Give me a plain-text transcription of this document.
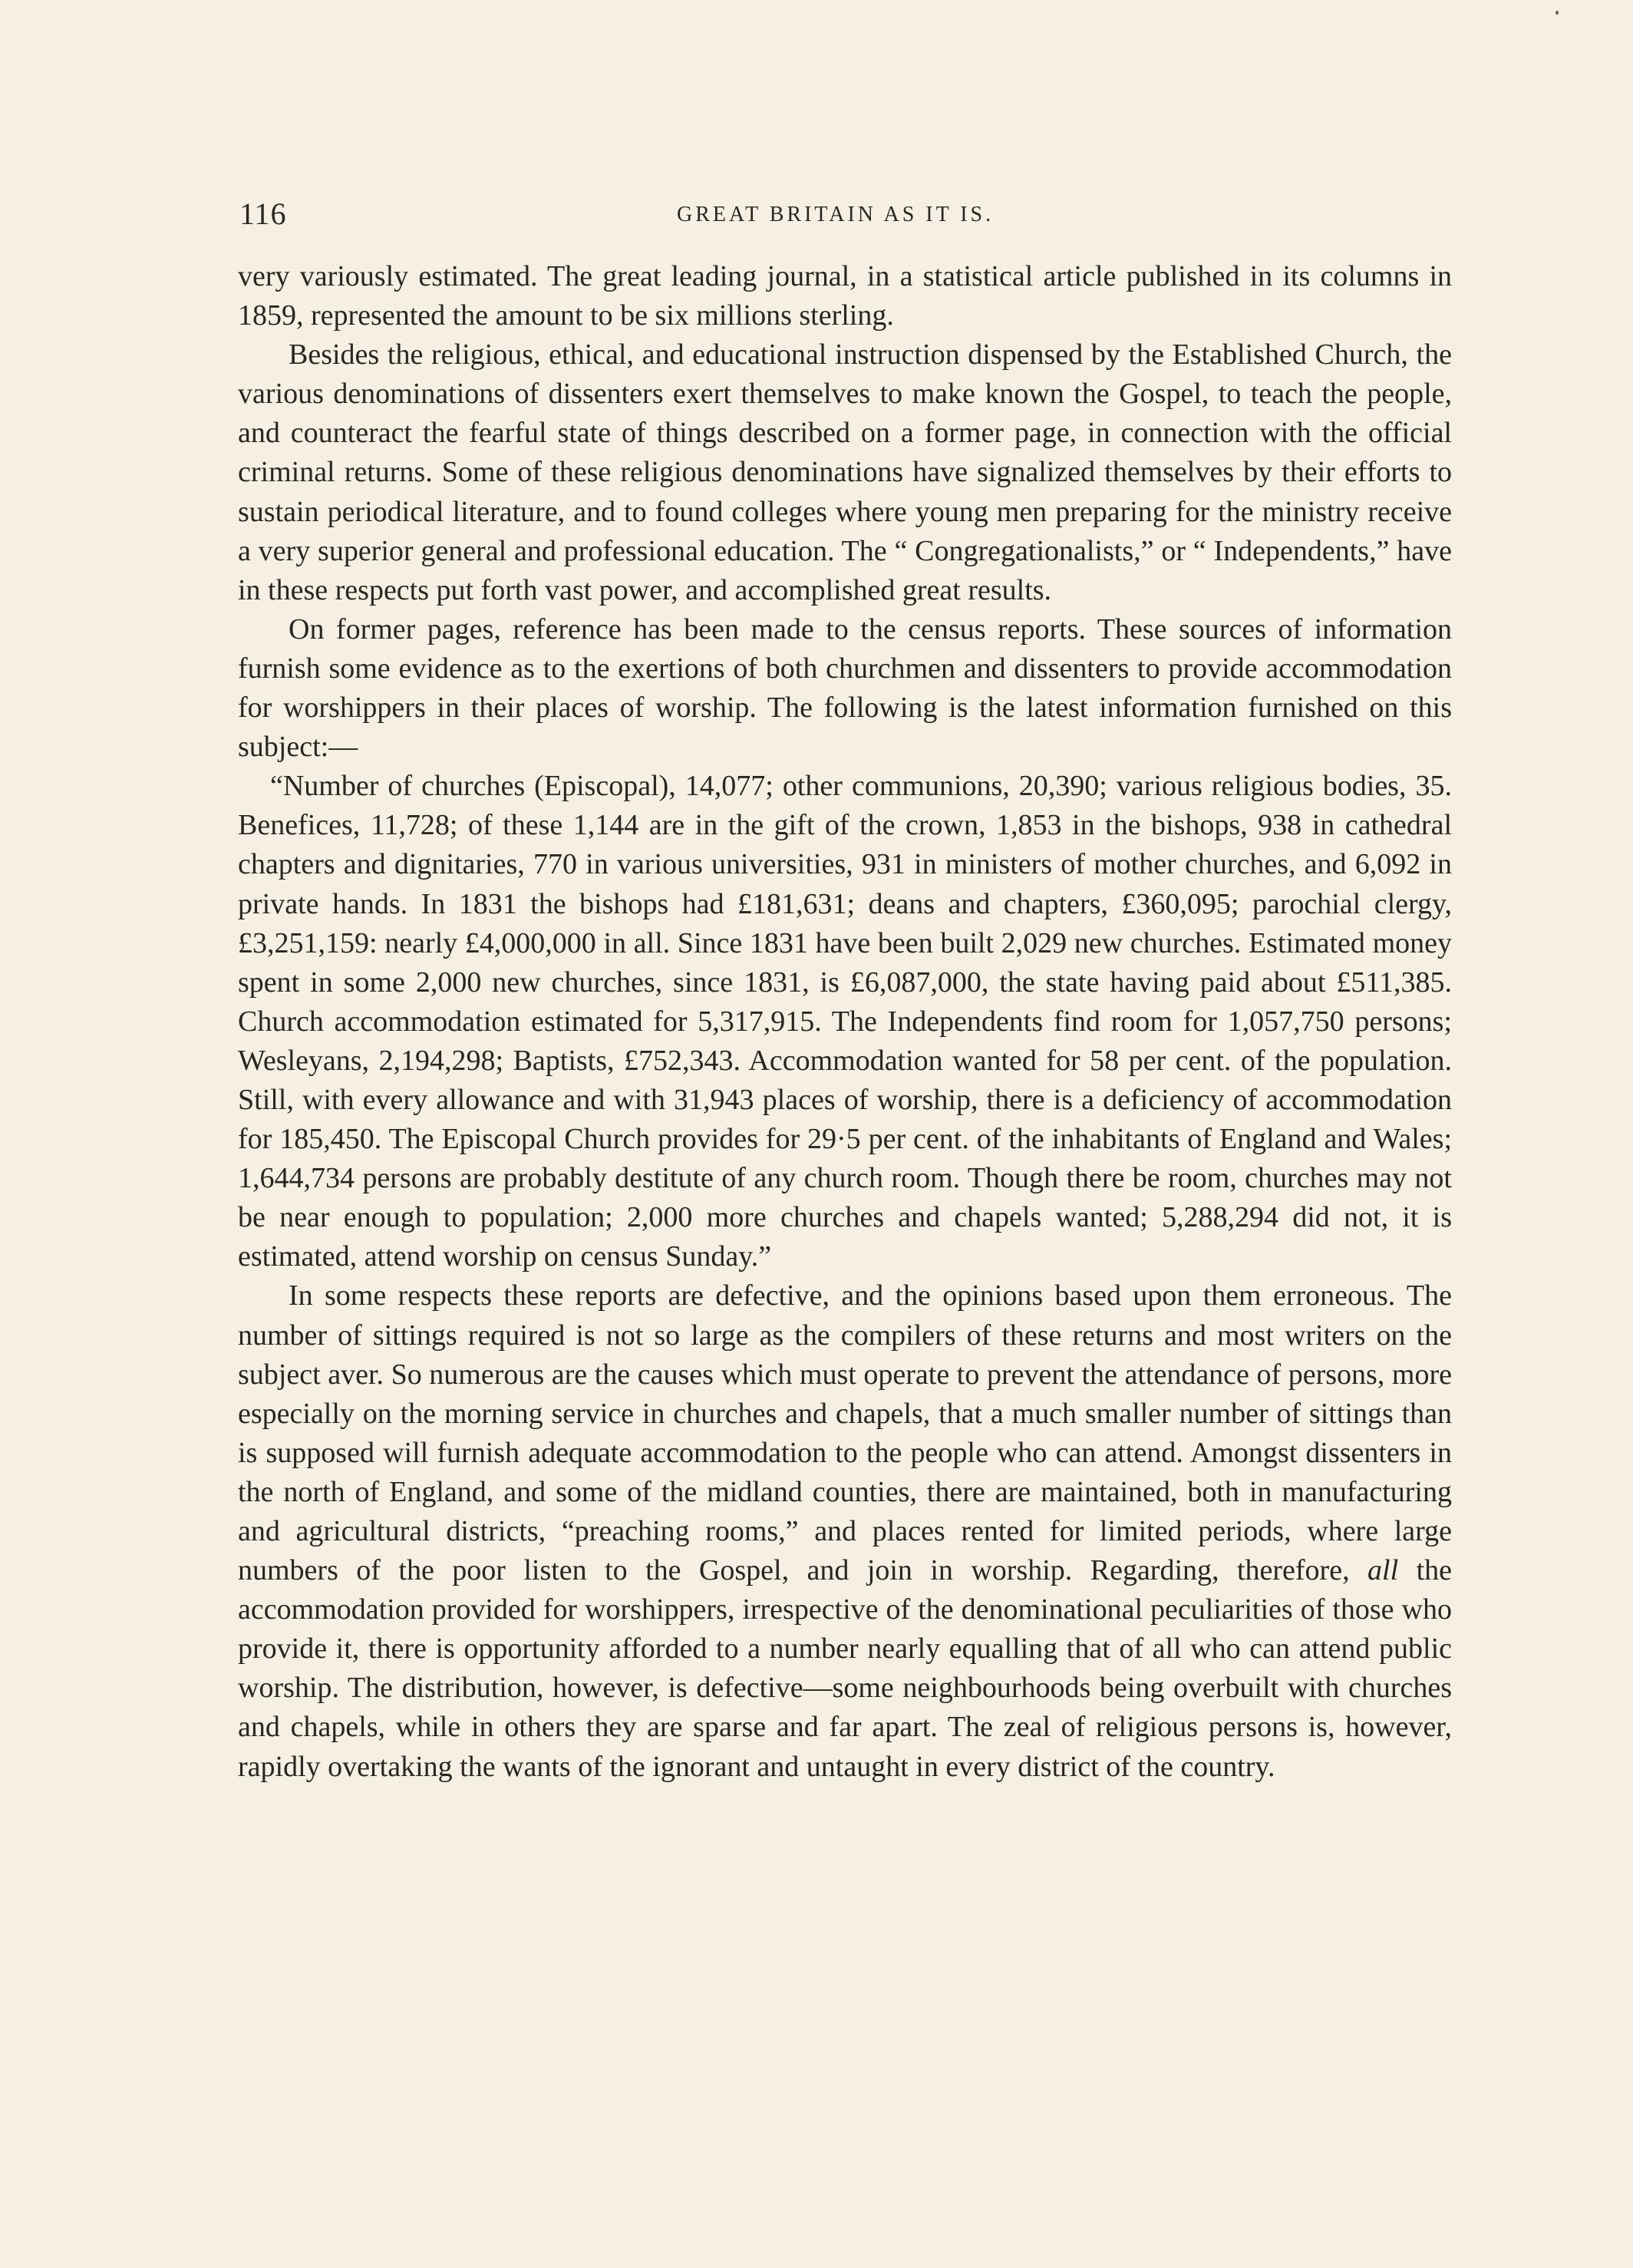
116	GREAT BRITAIN AS IT IS.

very variously estimated. The great leading journal, in a statistical article published in its columns in 1859, represented the amount to be six millions sterling.

Besides the religious, ethical, and educational instruction dispensed by the Established Church, the various denominations of dissenters exert themselves to make known the Gospel, to teach the people, and counteract the fearful state of things described on a former page, in connection with the official criminal returns. Some of these religious denominations have signalized themselves by their efforts to sustain periodical literature, and to found colleges where young men preparing for the ministry receive a very superior general and professional education. The “ Congregationalists,” or “ Independents,” have in these respects put forth vast power, and accomplished great results.

On former pages, reference has been made to the census reports. These sources of information furnish some evidence as to the exertions of both churchmen and dissenters to provide accommodation for worshippers in their places of worship. The following is the latest information furnished on this subject:—

“Number of churches (Episcopal), 14,077; other communions, 20,390; various religious bodies, 35. Benefices, 11,728; of these 1,144 are in the gift of the crown, 1,853 in the bishops, 938 in cathedral chapters and dignitaries, 770 in various universities, 931 in ministers of mother churches, and 6,092 in private hands. In 1831 the bishops had £181,631; deans and chapters, £360,095; parochial clergy, £3,251,159: nearly £4,000,000 in all. Since 1831 have been built 2,029 new churches. Estimated money spent in some 2,000 new churches, since 1831, is £6,087,000, the state having paid about £511,385. Church accommodation estimated for 5,317,915. The Independents find room for 1,057,750 persons; Wesleyans, 2,194,298; Baptists, £752,343. Accommodation wanted for 58 per cent. of the population. Still, with every allowance and with 31,943 places of worship, there is a deficiency of accommodation for 185,450. The Episcopal Church provides for 29·5 per cent. of the inhabitants of England and Wales; 1,644,734 persons are probably destitute of any church room. Though there be room, churches may not be near enough to population; 2,000 more churches and chapels wanted; 5,288,294 did not, it is estimated, attend worship on census Sunday.”

In some respects these reports are defective, and the opinions based upon them erroneous. The number of sittings required is not so large as the compilers of these returns and most writers on the subject aver. So numerous are the causes which must operate to prevent the attendance of persons, more especially on the morning service in churches and chapels, that a much smaller number of sittings than is supposed will furnish adequate accommodation to the people who can attend. Amongst dissenters in the north of England, and some of the midland counties, there are maintained, both in manufacturing and agricultural districts, “preaching rooms,” and places rented for limited periods, where large numbers of the poor listen to the Gospel, and join in worship. Regarding, therefore, all the accommodation provided for worshippers, irrespective of the denominational peculiarities of those who provide it, there is opportunity afforded to a number nearly equalling that of all who can attend public worship. The distribution, however, is defective—some neighbourhoods being overbuilt with churches and chapels, while in others they are sparse and far apart. The zeal of religious persons is, however, rapidly overtaking the wants of the ignorant and untaught in every district of the country.
